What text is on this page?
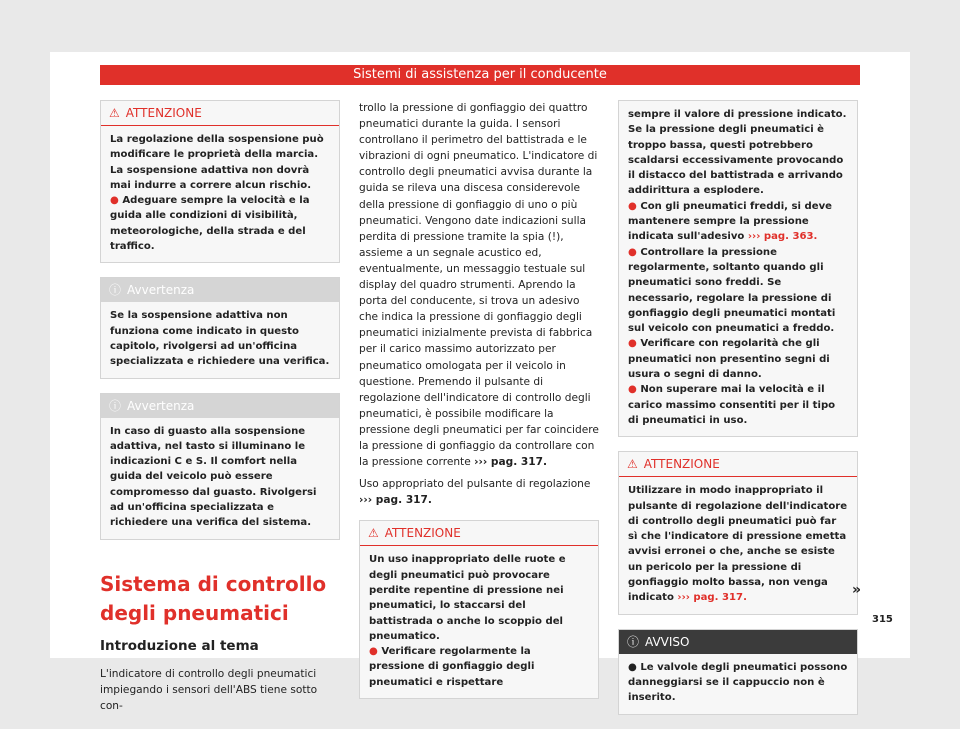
Sistemi di assistenza per il conducente
⚠ ATTENZIONE

La regolazione della sospensione può modificare le proprietà della marcia. La sospensione adattiva non dovrà mai indurre a correre alcun rischio.

● Adeguare sempre la velocità e la guida alle condizioni di visibilità, meteorologiche, della strada e del traffico.

ⓘ Avvertenza

Se la sospensione adattiva non funziona come indicato in questo capitolo, rivolgersi ad un'officina specializzata e richiedere una verifica.

ⓘ Avvertenza

In caso di guasto alla sospensione adattiva, nel tasto si illuminano le indicazioni C e S. Il comfort nella guida del veicolo può essere compromesso dal guasto. Rivolgersi ad un'officina specializzata e richiedere una verifica del sistema.

Sistema di controllo degli pneumatici
Introduzione al tema

L'indicatore di controllo degli pneumatici impiegando i sensori dell'ABS tiene sotto con-

trollo la pressione di gonfiaggio dei quattro pneumatici durante la guida. I sensori controllano il perimetro del battistrada e le vibrazioni di ogni pneumatico. L'indicatore di controllo degli pneumatici avvisa durante la guida se rileva una discesa considerevole della pressione di gonfiaggio di uno o più pneumatici. Vengono date indicazioni sulla perdita di pressione tramite la spia (!), assieme a un segnale acustico ed, eventualmente, un messaggio testuale sul display del quadro strumenti. Aprendo la porta del conducente, si trova un adesivo che indica la pressione di gonfiaggio degli pneumatici inizialmente prevista di fabbrica per il carico massimo autorizzato per pneumatico omologata per il veicolo in questione. Premendo il pulsante di regolazione dell'indicatore di controllo degli pneumatici, è possibile modificare la pressione degli pneumatici per far coincidere la pressione di gonfiaggio da controllare con la pressione corrente ››› pag. 317.

Uso appropriato del pulsante di regolazione ››› pag. 317.

⚠ ATTENZIONE

Un uso inappropriato delle ruote e degli pneumatici può provocare perdite repentine di pressione nei pneumatici, lo staccarsi del battistrada o anche lo scoppio del pneumatico.

● Verificare regolarmente la pressione di gonfiaggio degli pneumatici e rispettare

sempre il valore di pressione indicato. Se la pressione degli pneumatici è troppo bassa, questi potrebbero scaldarsi eccessivamente provocando il distacco del battistrada e arrivando addirittura a esplodere.

● Con gli pneumatici freddi, si deve mantenere sempre la pressione indicata sull'adesivo ››› pag. 363.

● Controllare la pressione regolarmente, soltanto quando gli pneumatici sono freddi. Se necessario, regolare la pressione di gonfiaggio degli pneumatici montati sul veicolo con pneumatici a freddo.

● Verificare con regolarità che gli pneumatici non presentino segni di usura o segni di danno.

● Non superare mai la velocità e il carico massimo consentiti per il tipo di pneumatici in uso.

⚠ ATTENZIONE

Utilizzare in modo inappropriato il pulsante di regolazione dell'indicatore di controllo degli pneumatici può far sì che l'indicatore di pressione emetta avvisi erronei o che, anche se esiste un pericolo per la pressione di gonfiaggio molto bassa, non venga indicato ››› pag. 317.

ⓘ AVVISO

● Le valvole degli pneumatici possono danneggiarsi se il cappuccio non è inserito.

»
315
